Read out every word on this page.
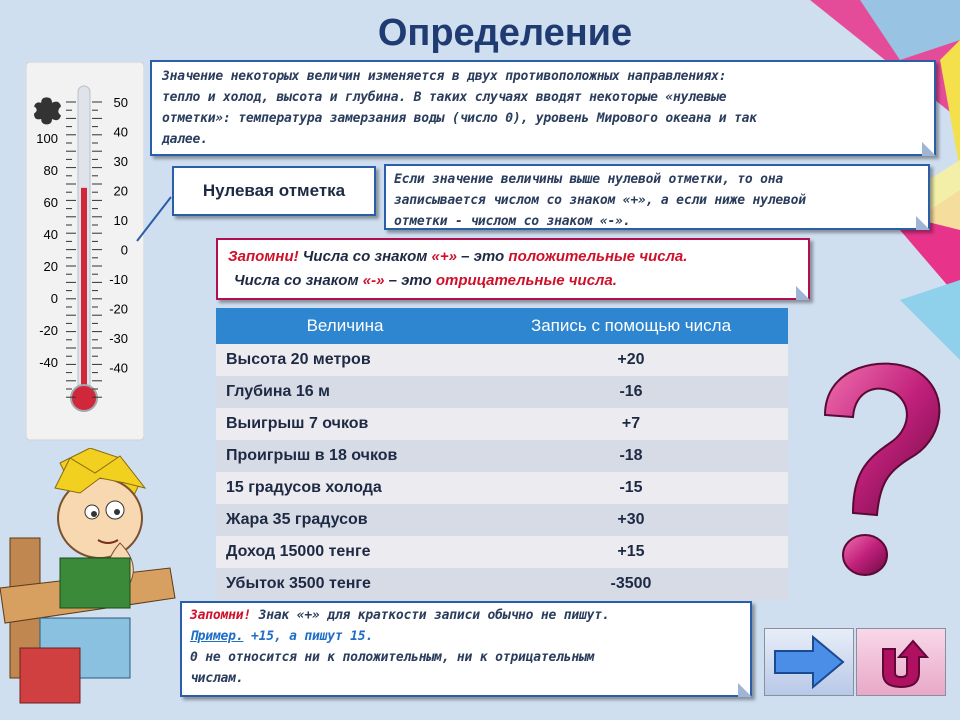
Определение
100
80
60
40
20
0
-20
-40
50
40
30
20
10
0
-10
-20
-30
-40
Значение некоторых величин изменяется в двух противоположных направлениях:
тепло и холод, высота и глубина. В таких случаях вводят некоторые «нулевые
отметки»: температура замерзания воды (число 0), уровень Мирового океана и так
далее.
Нулевая отметка
Если значение величины выше нулевой отметки, то она
записывается числом со знаком «+», а если ниже нулевой
отметки - числом со знаком «-».
Запомни! Числа со знаком «+» – это положительные числа.
Числа со знаком «-» – это отрицательные числа.
Величина	Запись с помощью числа
Высота 20 метров	+20
Глубина 16 м	-16
Выигрыш 7 очков	+7
Проигрыш в 18 очков	-18
15 градусов холода	-15
Жара 35 градусов	+30
Доход 15000 тенге	+15
Убыток 3500 тенге	-3500
Запомни! Знак «+» для краткости записи обычно не пишут.
Пример. +15, а пишут 15.
0 не относится ни к положительным, ни к отрицательным
числам.
